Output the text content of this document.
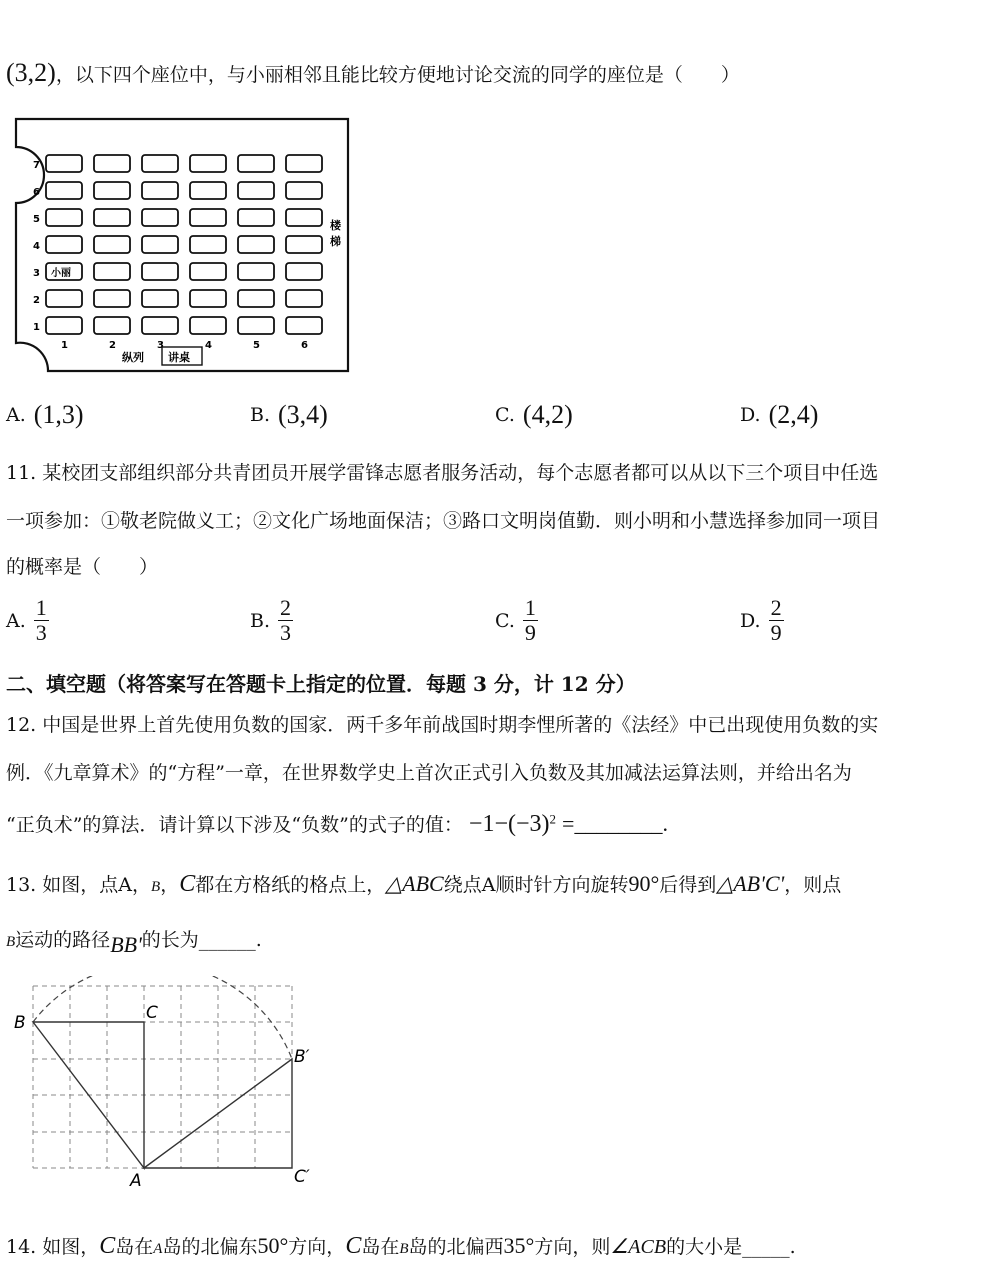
(3,2)，以下四个座位中，与小丽相邻且能比较方便地讨论交流的同学的座位是（　　）
1
2
3
4
5
6
7
小丽
1	2	3	4	5	6
楼
梯
纵列 讲桌
A. (1,3)	B. (3,4)	C. (4,2)	D. (2,4)
11. 某校团支部组织部分共青团员开展学雷锋志愿者服务活动，每个志愿者都可以从以下三个项目中任选
一项参加：①敬老院做义工；②文化广场地面保洁；③路口文明岗值勤．则小明和小慧选择参加同一项目
的概率是（　　）
A. $\frac{1}{3}$	B. $\frac{2}{3}$	C. $\frac{1}{9}$	D. $\frac{2}{9}$
二、填空题（将答案写在答题卡上指定的位置．每题 3 分，计 12 分）
12. 中国是世界上首先使用负数的国家．两千多年前战国时期李悝所著的《法经》中已出现使用负数的实
例．《九章算术》的“方程”一章，在世界数学史上首次正式引入负数及其加减法运算法则，并给出名为
“正负术”的算法．请计算以下涉及“负数”的式子的值： $-1-(-3)^2$ =________.
13. 如图，点A，B，C都在方格纸的格点上，△ABC绕点A顺时针方向旋转90°后得到△AB'C'，则点
B运动的路径BB'的长为______.
B	C
A
B′
C′
14. 如图，C岛在A岛的北偏东50°方向，C岛在B岛的北偏西35°方向，则∠ACB的大小是_____.
